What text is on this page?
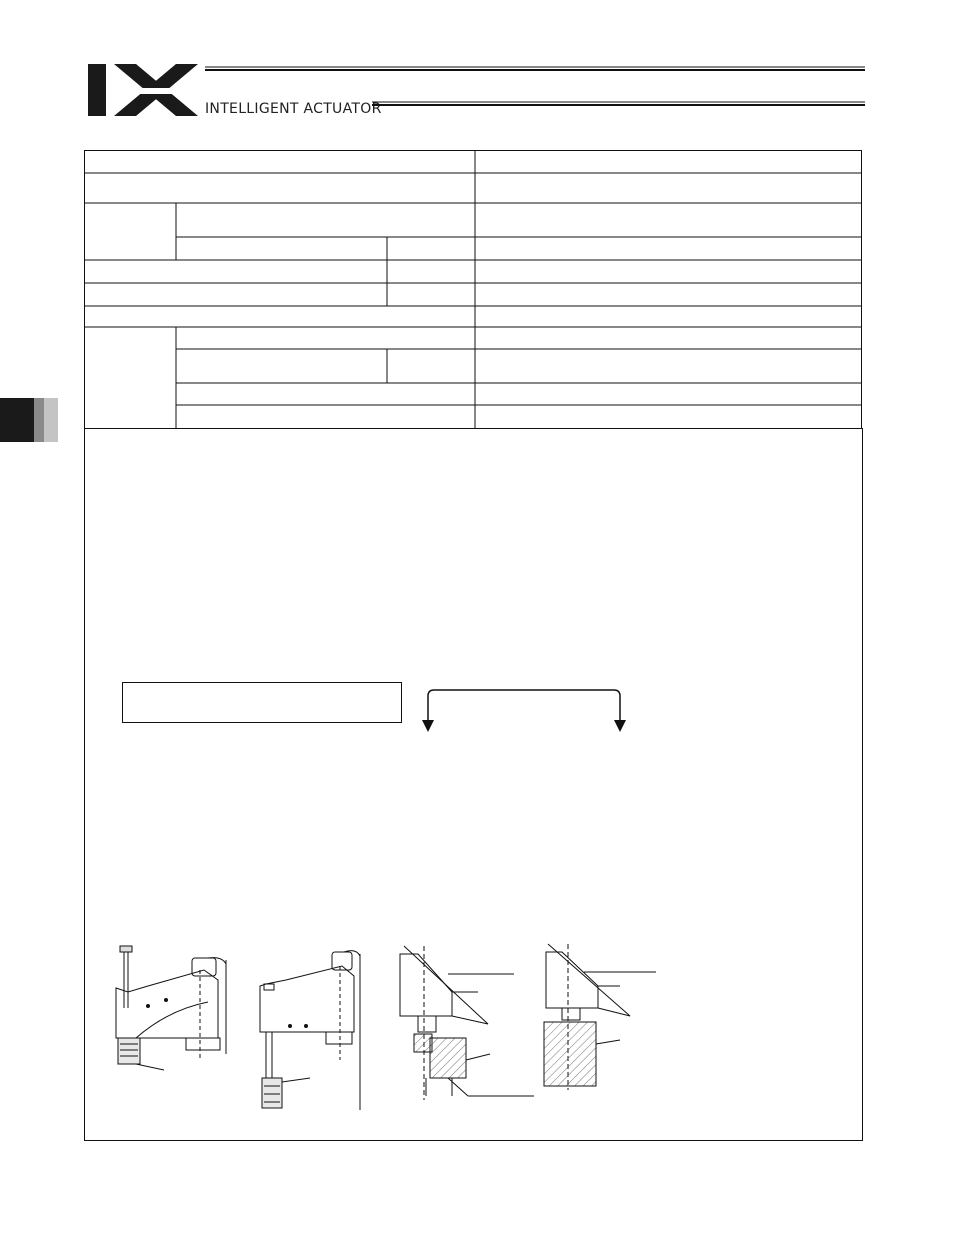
INTELLIGENT ACTUATOR
